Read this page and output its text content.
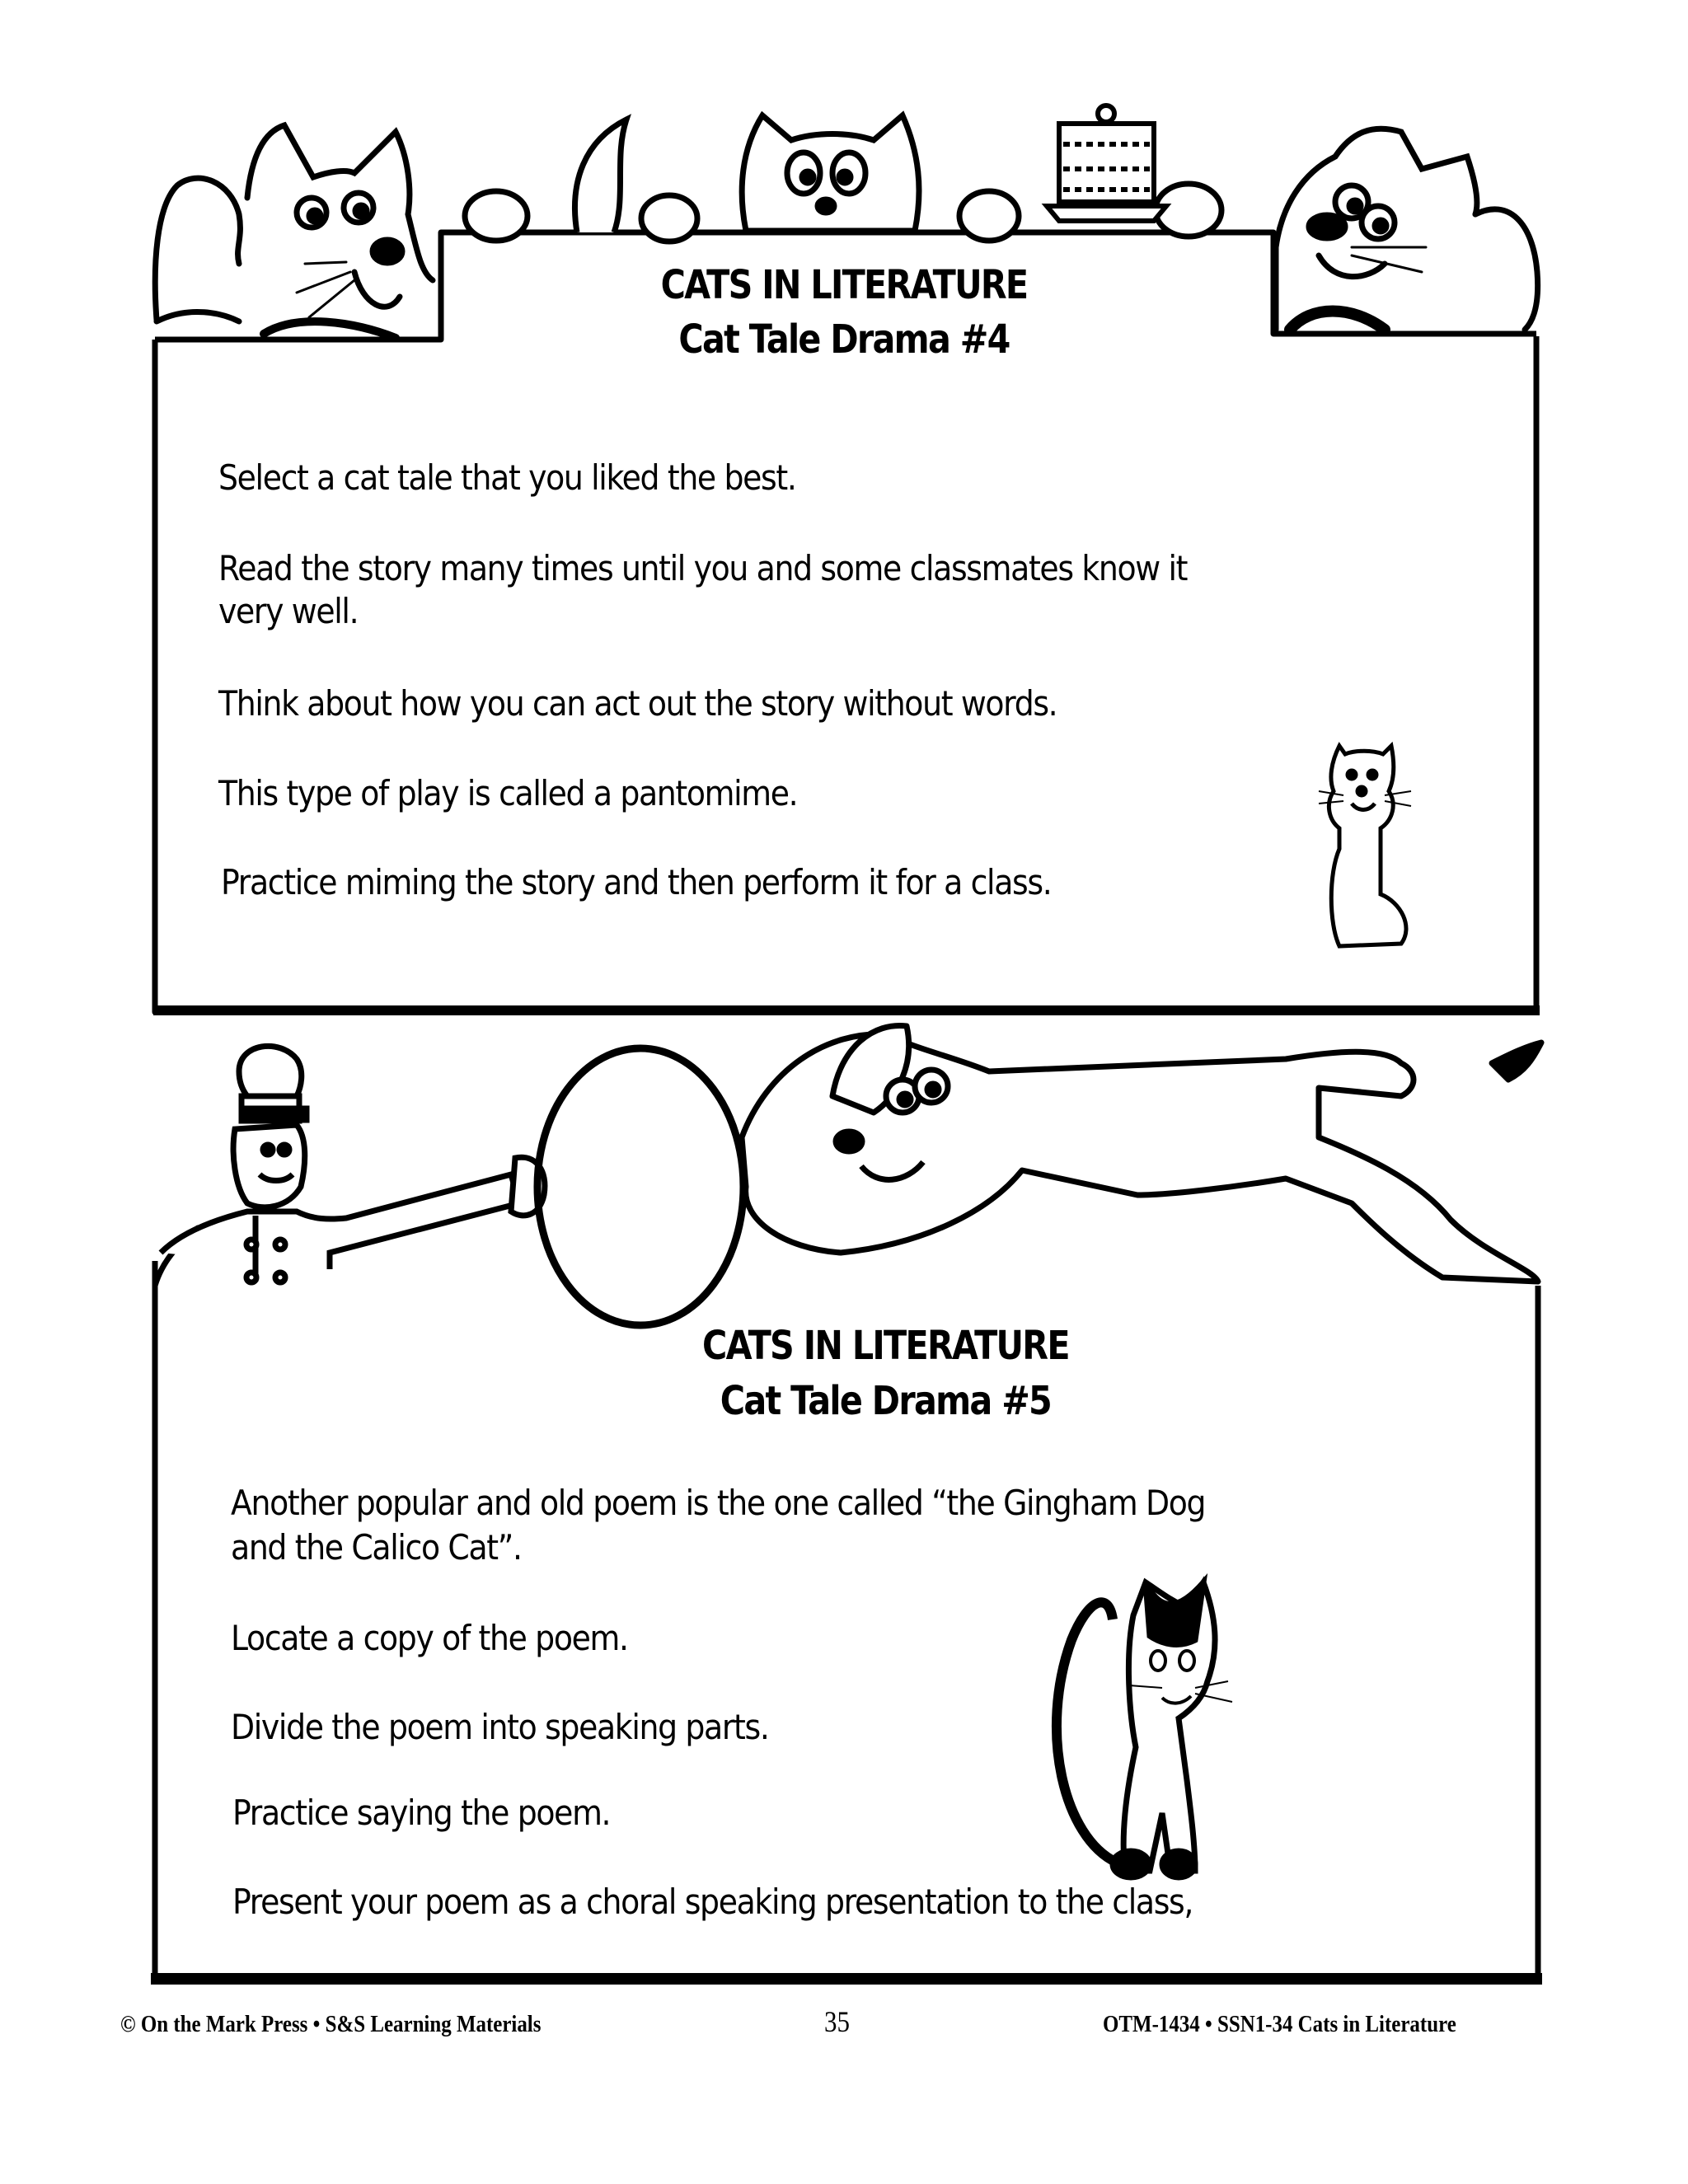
CATS IN LITERATURE
Cat Tale Drama #4
Select a cat tale that you liked the best.
Read the story many times until you and some classmates know it
very well.
Think about how you can act out the story without words.
This type of play is called a pantomime.
Practice miming the story and then perform it for a class.
CATS IN LITERATURE
Cat Tale Drama #5
Another popular and old poem is the one called “the Gingham Dog
and the Calico Cat”.
Locate a copy of the poem.
Divide the poem into speaking parts.
Practice saying the poem.
Present your poem as a choral speaking presentation to the class,
© On the Mark Press • S&S Learning Materials	35	OTM-1434 • SSN1-34 Cats in Literature
